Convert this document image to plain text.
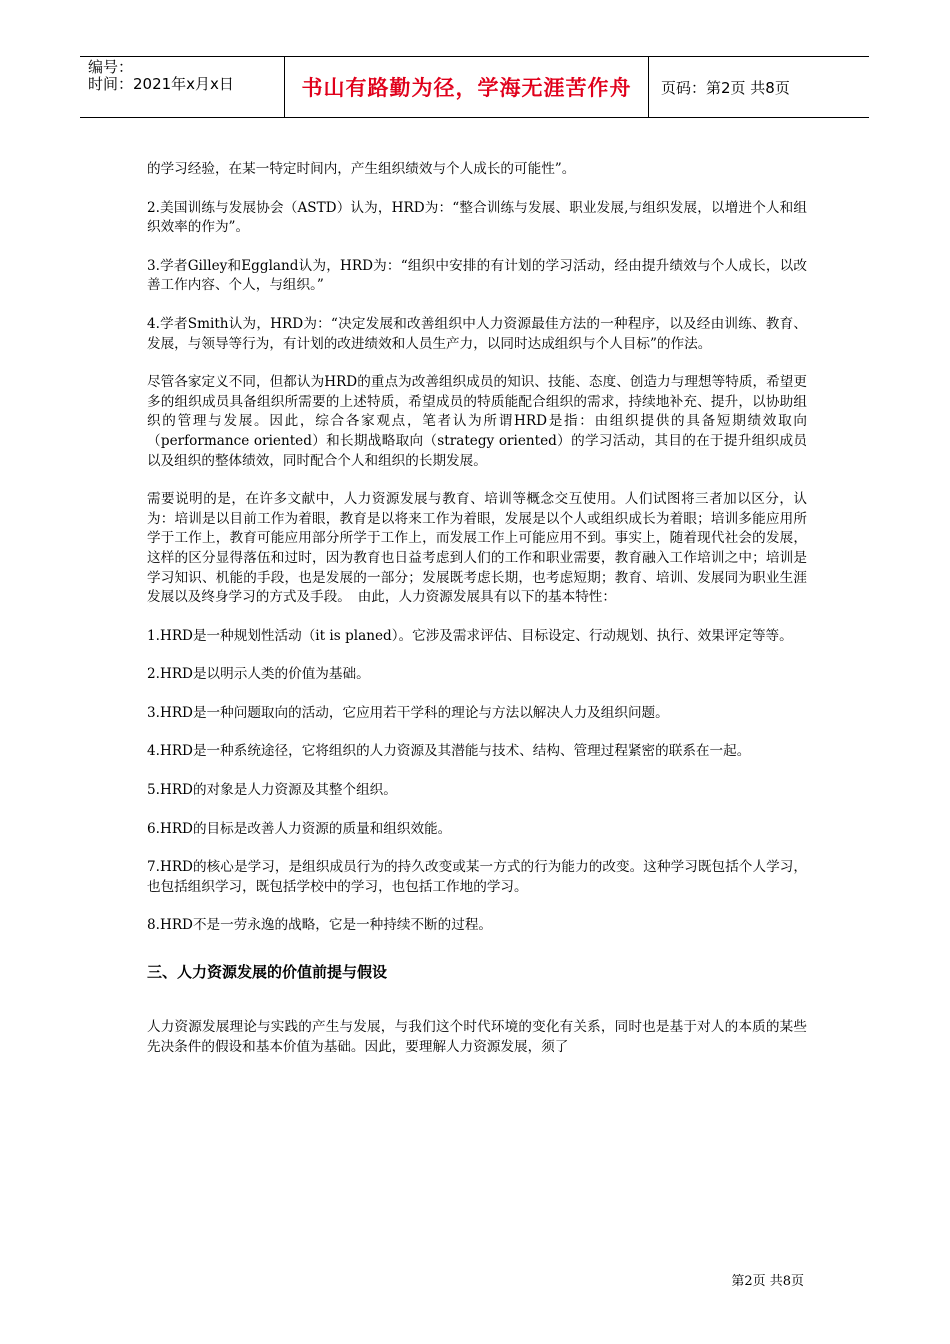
编号：
时间：2021年x月x日	书山有路勤为径，学海无涯苦作舟	页码：第2页 共8页

的学习经验，在某一特定时间内，产生组织绩效与个人成长的可能性”。

2.美国训练与发展协会（ASTD）认为，HRD为：“整合训练与发展、职业发展,与组织发展，以增进个人和组织效率的作为”。

3.学者Gilley和Eggland认为，HRD为：“组织中安排的有计划的学习活动，经由提升绩效与个人成长，以改善工作内容、个人，与组织。”

4.学者Smith认为，HRD为：“决定发展和改善组织中人力资源最佳方法的一种程序，以及经由训练、教育、发展，与领导等行为，有计划的改进绩效和人员生产力，以同时达成组织与个人目标”的作法。

尽管各家定义不同，但都认为HRD的重点为改善组织成员的知识、技能、态度、创造力与理想等特质，希望更多的组织成员具备组织所需要的上述特质，希望成员的特质能配合组织的需求，持续地补充、提升，以协助组织的管理与发展。因此，综合各家观点，笔者认为所谓HRD是指：由组织提供的具备短期绩效取向（performance oriented）和长期战略取向（strategy oriented）的学习活动，其目的在于提升组织成员以及组织的整体绩效，同时配合个人和组织的长期发展。

需要说明的是，在许多文献中，人力资源发展与教育、培训等概念交互使用。人们试图将三者加以区分，认为：培训是以目前工作为着眼，教育是以将来工作为着眼，发展是以个人或组织成长为着眼；培训多能应用所学于工作上，教育可能应用部分所学于工作上，而发展工作上可能应用不到。事实上，随着现代社会的发展，这样的区分显得落伍和过时，因为教育也日益考虑到人们的工作和职业需要，教育融入工作培训之中；培训是学习知识、机能的手段，也是发展的一部分；发展既考虑长期，也考虑短期；教育、培训、发展同为职业生涯发展以及终身学习的方式及手段。　由此，人力资源发展具有以下的基本特性：

1.HRD是一种规划性活动（it is planed）。它涉及需求评估、目标设定、行动规划、执行、效果评定等等。

2.HRD是以明示人类的价值为基础。

3.HRD是一种问题取向的活动，它应用若干学科的理论与方法以解决人力及组织问题。

4.HRD是一种系统途径，它将组织的人力资源及其潜能与技术、结构、管理过程紧密的联系在一起。

5.HRD的对象是人力资源及其整个组织。

6.HRD的目标是改善人力资源的质量和组织效能。

7.HRD的核心是学习，是组织成员行为的持久改变或某一方式的行为能力的改变。这种学习既包括个人学习，也包括组织学习，既包括学校中的学习，也包括工作地的学习。

8.HRD不是一劳永逸的战略，它是一种持续不断的过程。

三、人力资源发展的价值前提与假设

人力资源发展理论与实践的产生与发展，与我们这个时代环境的变化有关系，同时也是基于对人的本质的某些先决条件的假设和基本价值为基础。因此，要理解人力资源发展，须了

第2页 共8页
